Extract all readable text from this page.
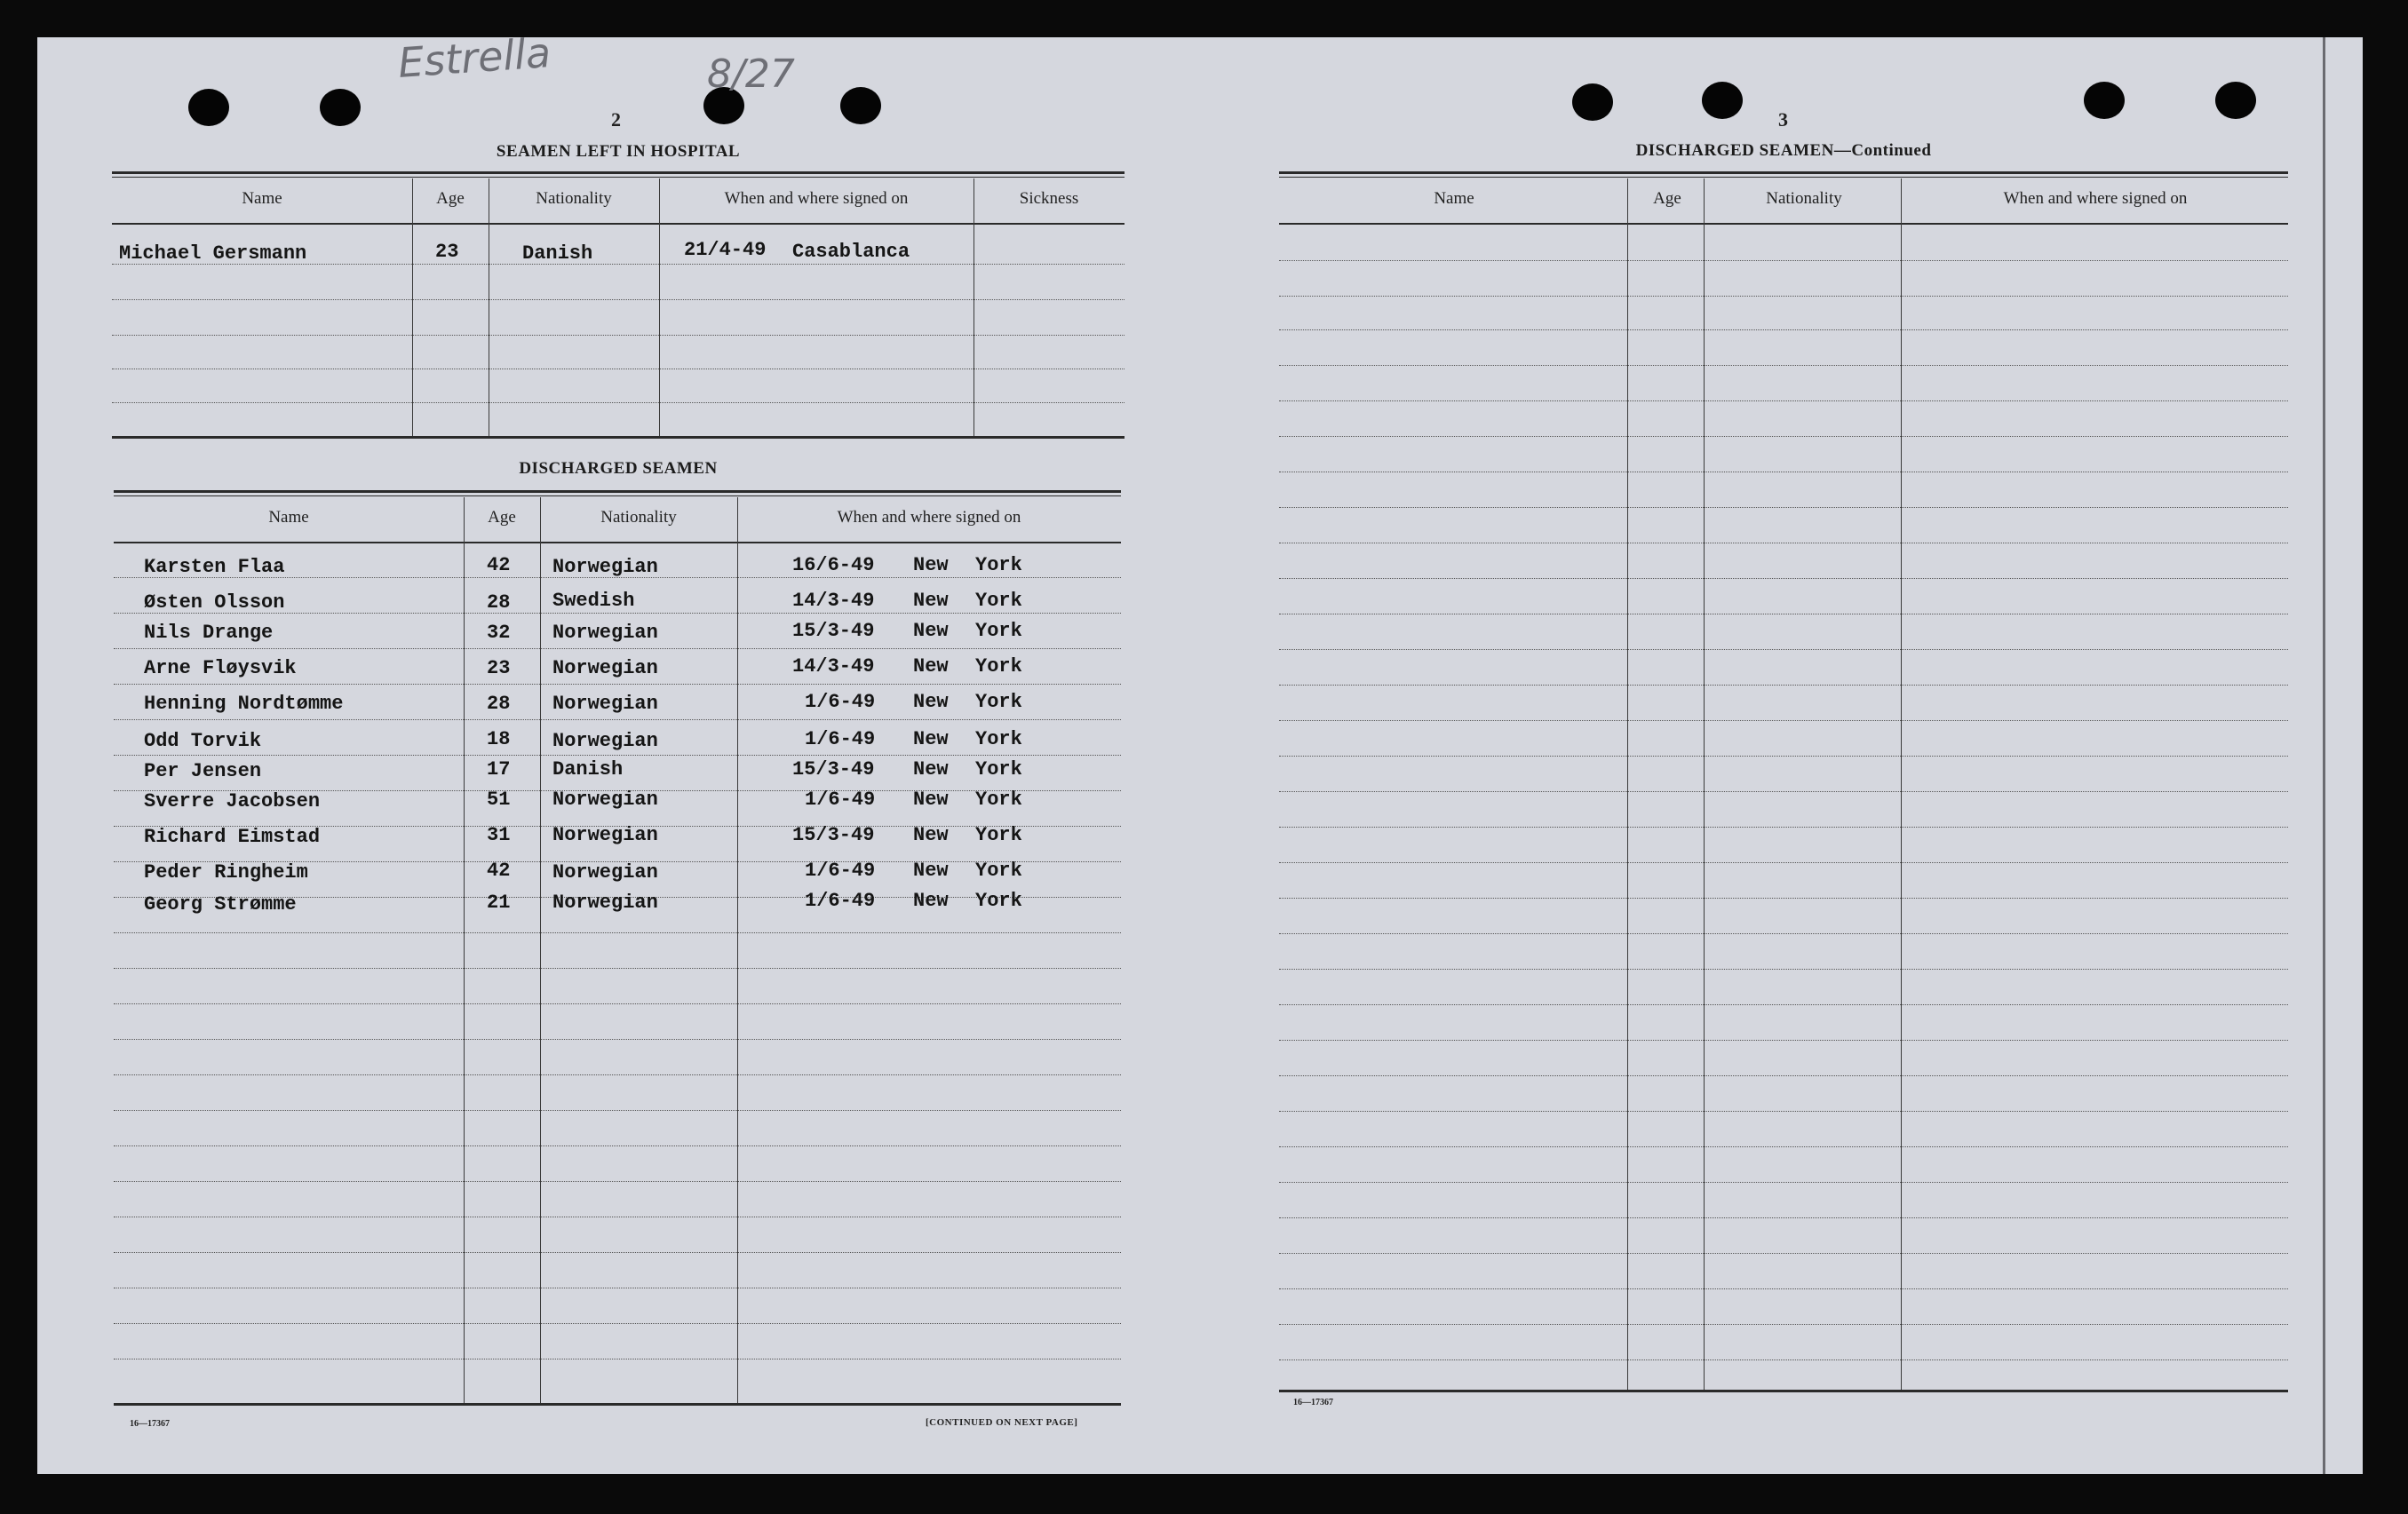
Estrella	8/27
2
SEAMEN LEFT IN HOSPITAL
Name	Age	Nationality	When and where signed on	Sickness
Michael Gersmann	23	Danish	21/4-49 Casablanca
DISCHARGED SEAMEN
Name	Age	Nationality	When and where signed on
Karsten Flaa	42 Norwegian	16/6-49 New York
Østen Olsson	28 Swedish	14/3-49 New York
Nils Drange	32 Norwegian	15/3-49 New York
Arne Fløysvik	23 Norwegian	14/3-49 New York
Henning Nordtømme	28 Norwegian	1/6-49 New York
Odd Torvik	18 Norwegian	1/6-49 New York
Per Jensen	17 Danish	15/3-49 New York
Sverre Jacobsen	51 Norwegian	1/6-49 New York
Richard Eimstad	31 Norwegian	15/3-49 New York
Peder Ringheim	42 Norwegian	1/6-49 New York
Georg Strømme	21 Norwegian	1/6-49 New York
16—17367	[CONTINUED ON NEXT PAGE]
3
DISCHARGED SEAMEN—Continued
Name	Age	Nationality	When and where signed on
16—17367
